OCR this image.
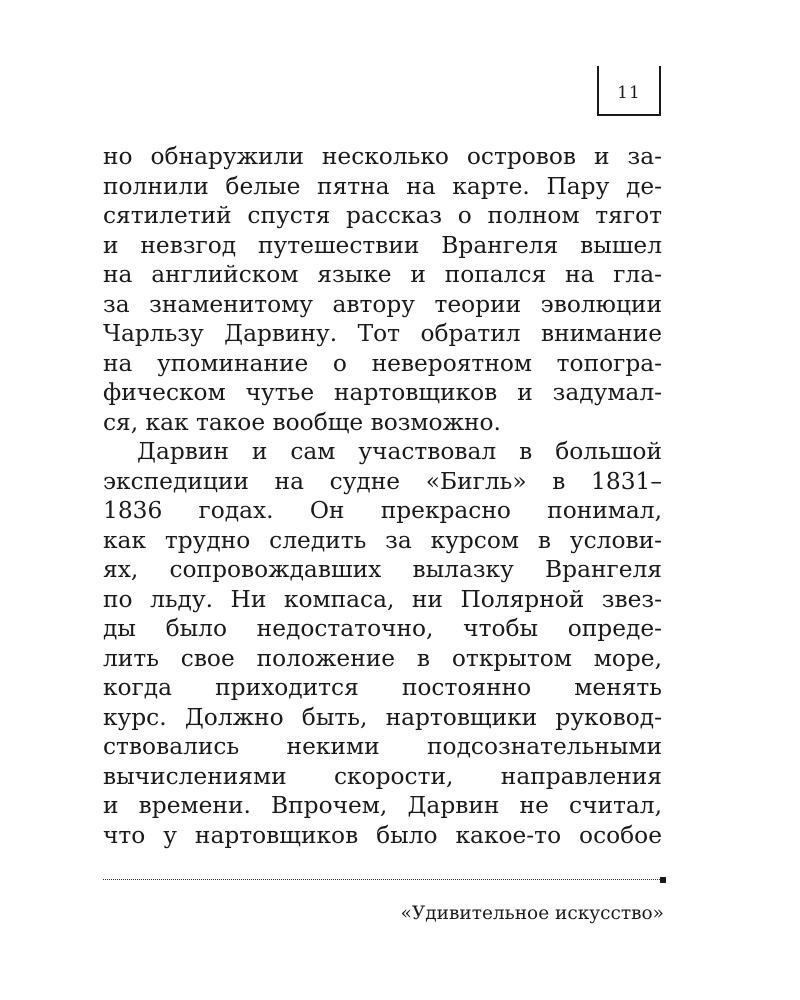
11
но обнаружили несколько островов и за-
полнили белые пятна на карте. Пару де-
сятилетий спустя рассказ о полном тягот
и невзгод путешествии Врангеля вышел
на английском языке и попался на гла-
за знаменитому автору теории эволюции
Чарльзу Дарвину. Тот обратил внимание
на упоминание о невероятном топогра-
фическом чутье нартовщиков и задумал-
ся, как такое вообще возможно.
Дарвин и сам участвовал в большой
экспедиции на судне «Бигль» в 1831–
1836 годах. Он прекрасно понимал,
как трудно следить за курсом в услови-
ях, сопровождавших вылазку Врангеля
по льду. Ни компаса, ни Полярной звез-
ды было недостаточно, чтобы опреде-
лить свое положение в открытом море,
когда приходится постоянно менять
курс. Должно быть, нартовщики руковод-
ствовались некими подсознательными
вычислениями скорости, направления
и времени. Впрочем, Дарвин не считал,
что у нартовщиков было какое-то особое
«Удивительное искусство»
